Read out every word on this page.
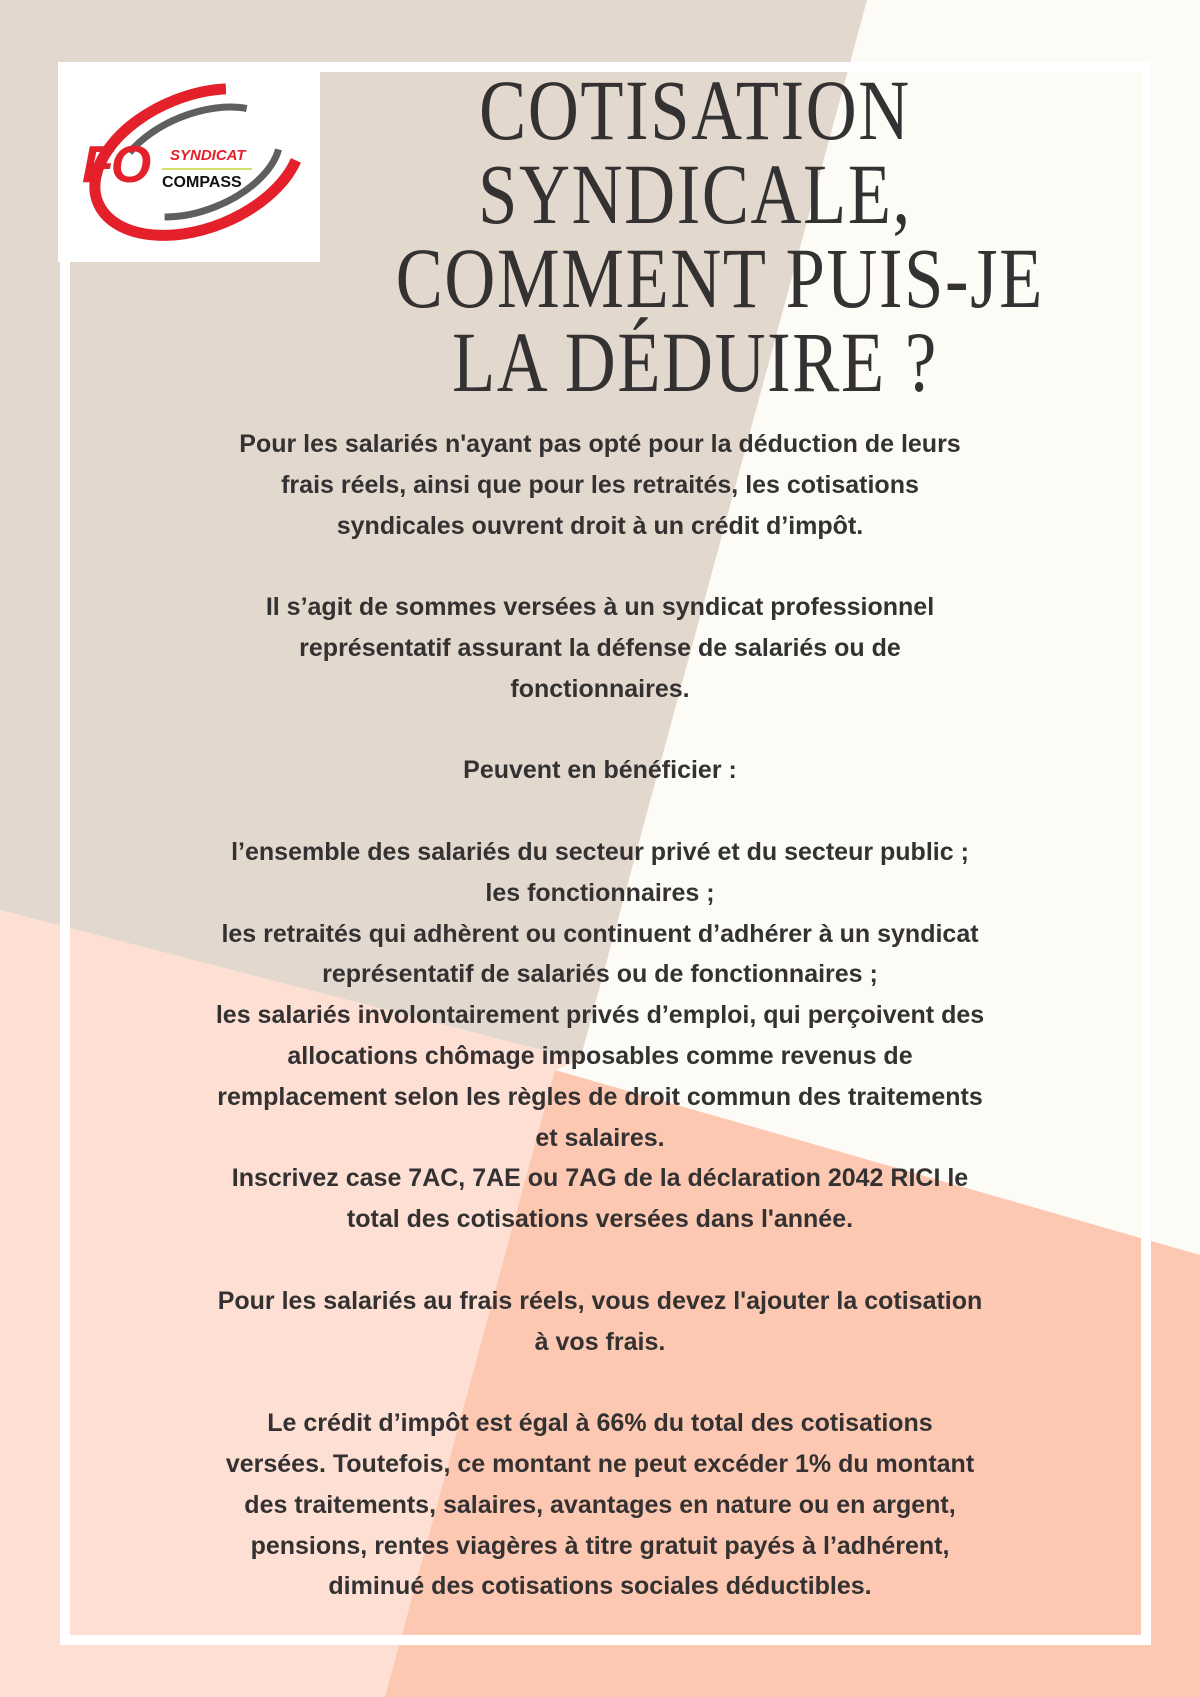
FO SYNDICAT
COMPASS
COTISATION
SYNDICALE,
COMMENT PUIS-JE
LA DÉDUIRE ?

Pour les salariés n'ayant pas opté pour la déduction de leurs

frais réels, ainsi que pour les retraités, les cotisations

syndicales ouvrent droit à un crédit d’impôt.

Il s’agit de sommes versées à un syndicat professionnel

représentatif assurant la défense de salariés ou de

fonctionnaires.

Peuvent en bénéficier :

l’ensemble des salariés du secteur privé et du secteur public ;

les fonctionnaires ;

les retraités qui adhèrent ou continuent d’adhérer à un syndicat

représentatif de salariés ou de fonctionnaires ;

les salariés involontairement privés d’emploi, qui perçoivent des

allocations chômage imposables comme revenus de

remplacement selon les règles de droit commun des traitements

et salaires.

Inscrivez case 7AC, 7AE ou 7AG de la déclaration 2042 RICI le

total des cotisations versées dans l'année.

Pour les salariés au frais réels, vous devez l'ajouter la cotisation

à vos frais.

Le crédit d’impôt est égal à 66% du total des cotisations

versées. Toutefois, ce montant ne peut excéder 1% du montant

des traitements, salaires, avantages en nature ou en argent,

pensions, rentes viagères à titre gratuit payés à l’adhérent,

diminué des cotisations sociales déductibles.
